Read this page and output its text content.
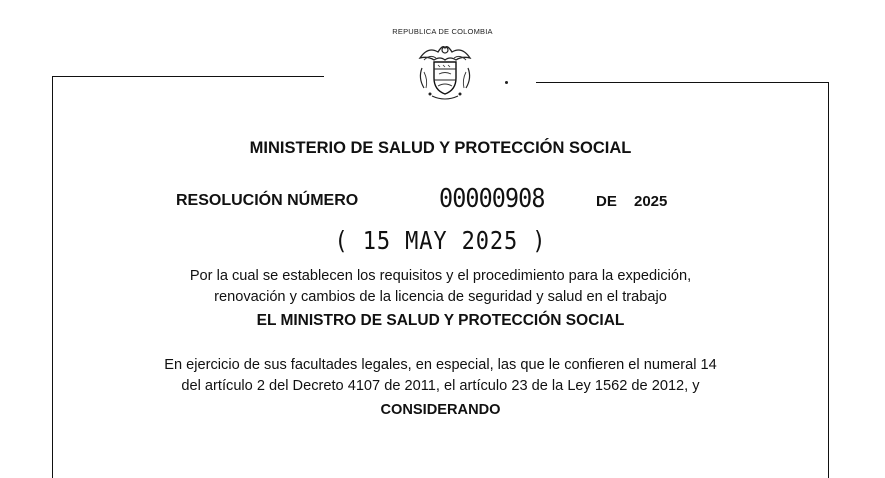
REPUBLICA DE COLOMBIA
MINISTERIO DE SALUD Y PROTECCIÓN SOCIAL
RESOLUCIÓN NÚMERO	00000908	DE 2025
( 15 MAY 2025 )
Por la cual se establecen los requisitos y el procedimiento para la expedición,
renovación y cambios de la licencia de seguridad y salud en el trabajo
EL MINISTRO DE SALUD Y PROTECCIÓN SOCIAL
En ejercicio de sus facultades legales, en especial, las que le confieren el numeral 14
del artículo 2 del Decreto 4107 de 2011, el artículo 23 de la Ley 1562 de 2012, y
CONSIDERANDO
